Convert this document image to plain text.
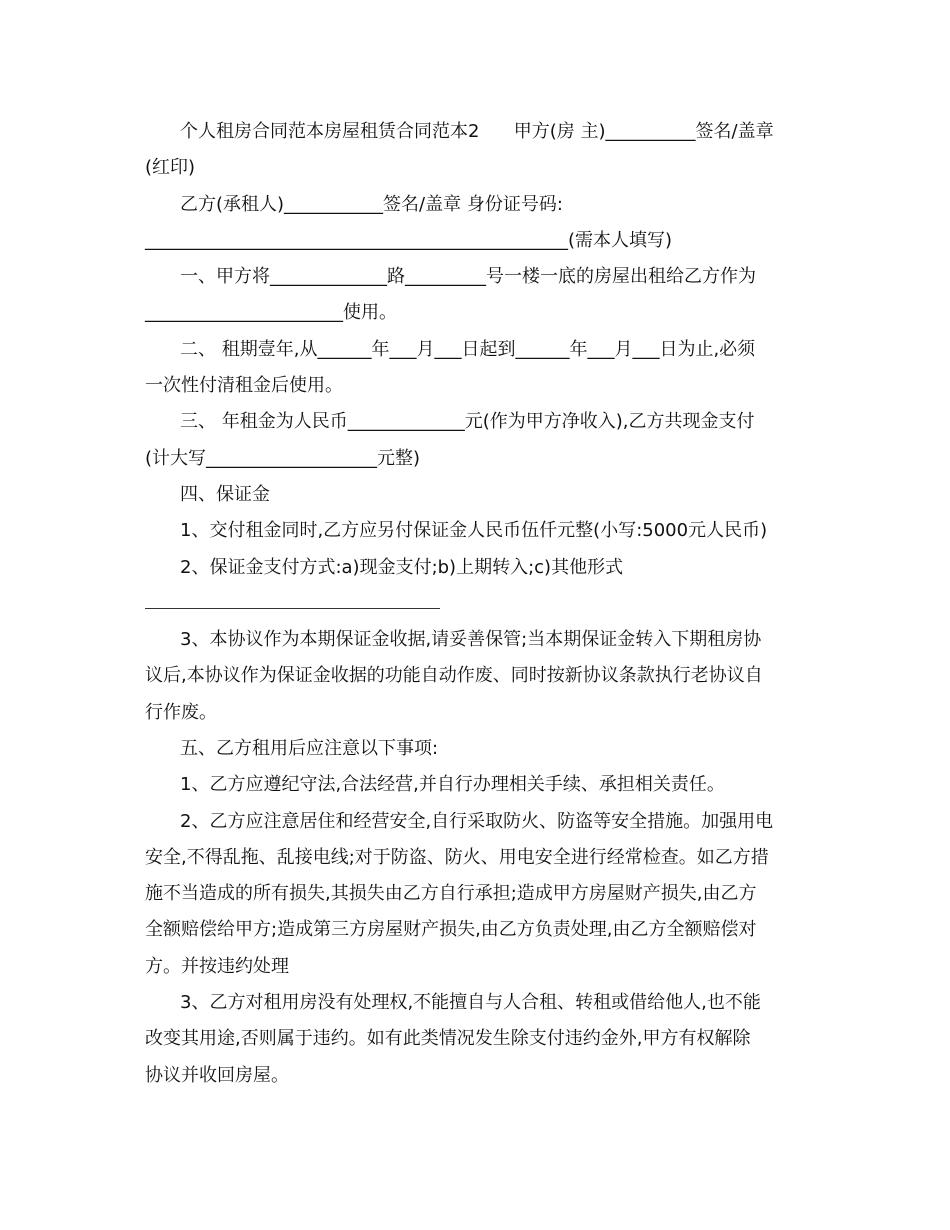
个人租房合同范本房屋租赁合同范本2      甲方(房 主)__________签名/盖章
(红印)
乙方(承租人)___________签名/盖章 身份证号码:
_______________________________________________(需本人填写)
一、甲方将_____________路_________号一楼一底的房屋出租给乙方作为
______________________使用。
二、 租期壹年,从______年___月___日起到______年___月___日为止,必须
一次性付清租金后使用。
三、 年租金为人民币_____________元(作为甲方净收入),乙方共现金支付
(计大写___________________元整)
四、保证金
1、交付租金同时,乙方应另付保证金人民币伍仟元整(小写:5000元人民币)
2、保证金支付方式:a)现金支付;b)上期转入;c)其他形式
3、本协议作为本期保证金收据,请妥善保管;当本期保证金转入下期租房协
议后,本协议作为保证金收据的功能自动作废、同时按新协议条款执行老协议自
行作废。
五、乙方租用后应注意以下事项:
1、乙方应遵纪守法,合法经营,并自行办理相关手续、承担相关责任。
2、乙方应注意居住和经营安全,自行采取防火、防盗等安全措施。加强用电
安全,不得乱拖、乱接电线;对于防盗、防火、用电安全进行经常检查。如乙方措
施不当造成的所有损失,其损失由乙方自行承担;造成甲方房屋财产损失,由乙方
全额赔偿给甲方;造成第三方房屋财产损失,由乙方负责处理,由乙方全额赔偿对
方。并按违约处理
3、乙方对租用房没有处理权,不能擅自与人合租、转租或借给他人,也不能
改变其用途,否则属于违约。如有此类情况发生除支付违约金外,甲方有权解除
协议并收回房屋。
